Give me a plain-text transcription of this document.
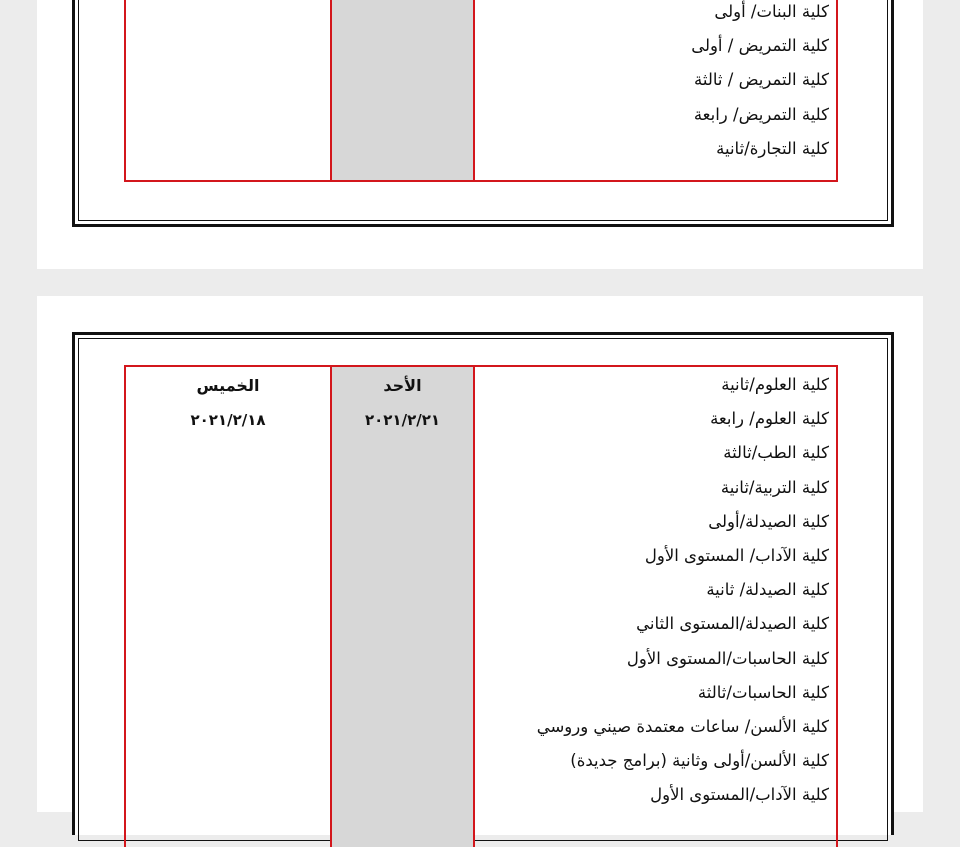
كلية البنات/ أولى
كلية التمريض / أولى
كلية التمريض / ثالثة
كلية التمريض/ رابعة
كلية التجارة/ثانية
الخميس
٢٠٢١/٢/١٨
الأحد
٢٠٢١/٢/٢١
كلية العلوم/ثانية
كلية العلوم/ رابعة
كلية الطب/ثالثة
كلية التربية/ثانية
كلية الصيدلة/أولى
كلية الآداب/ المستوى الأول
كلية الصيدلة/ ثانية
كلية الصيدلة/المستوى الثاني
كلية الحاسبات/المستوى الأول
كلية الحاسبات/ثالثة
كلية الألسن/ ساعات معتمدة صيني وروسي
كلية الألسن/أولى وثانية (برامج جديدة)
كلية الآداب/المستوى الأول
